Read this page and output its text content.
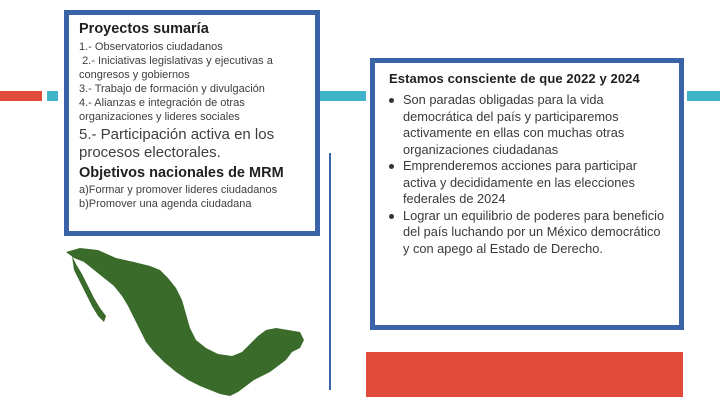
Proyectos sumaría
1.- Observatorios ciudadanos
2.- Iniciativas legislativas y ejecutivas a congresos y gobiernos
3.- Trabajo de formación y divulgación
4.- Alianzas e integración de otras organizaciones y lideres sociales
5.- Participación activa en los procesos electorales.
Objetivos nacionales de MRM
a)Formar y promover lideres ciudadanos
b)Promover una agenda ciudadana
Estamos consciente de que 2022 y 2024
Son paradas obligadas para la vida democrática del país y participaremos activamente en ellas con muchas otras organizaciones ciudadanas
Emprenderemos acciones para participar activa y decididamente en las elecciones federales de 2024
Lograr un equilibrio de poderes para beneficio del país luchando por un México democrático y con apego al Estado de Derecho.
